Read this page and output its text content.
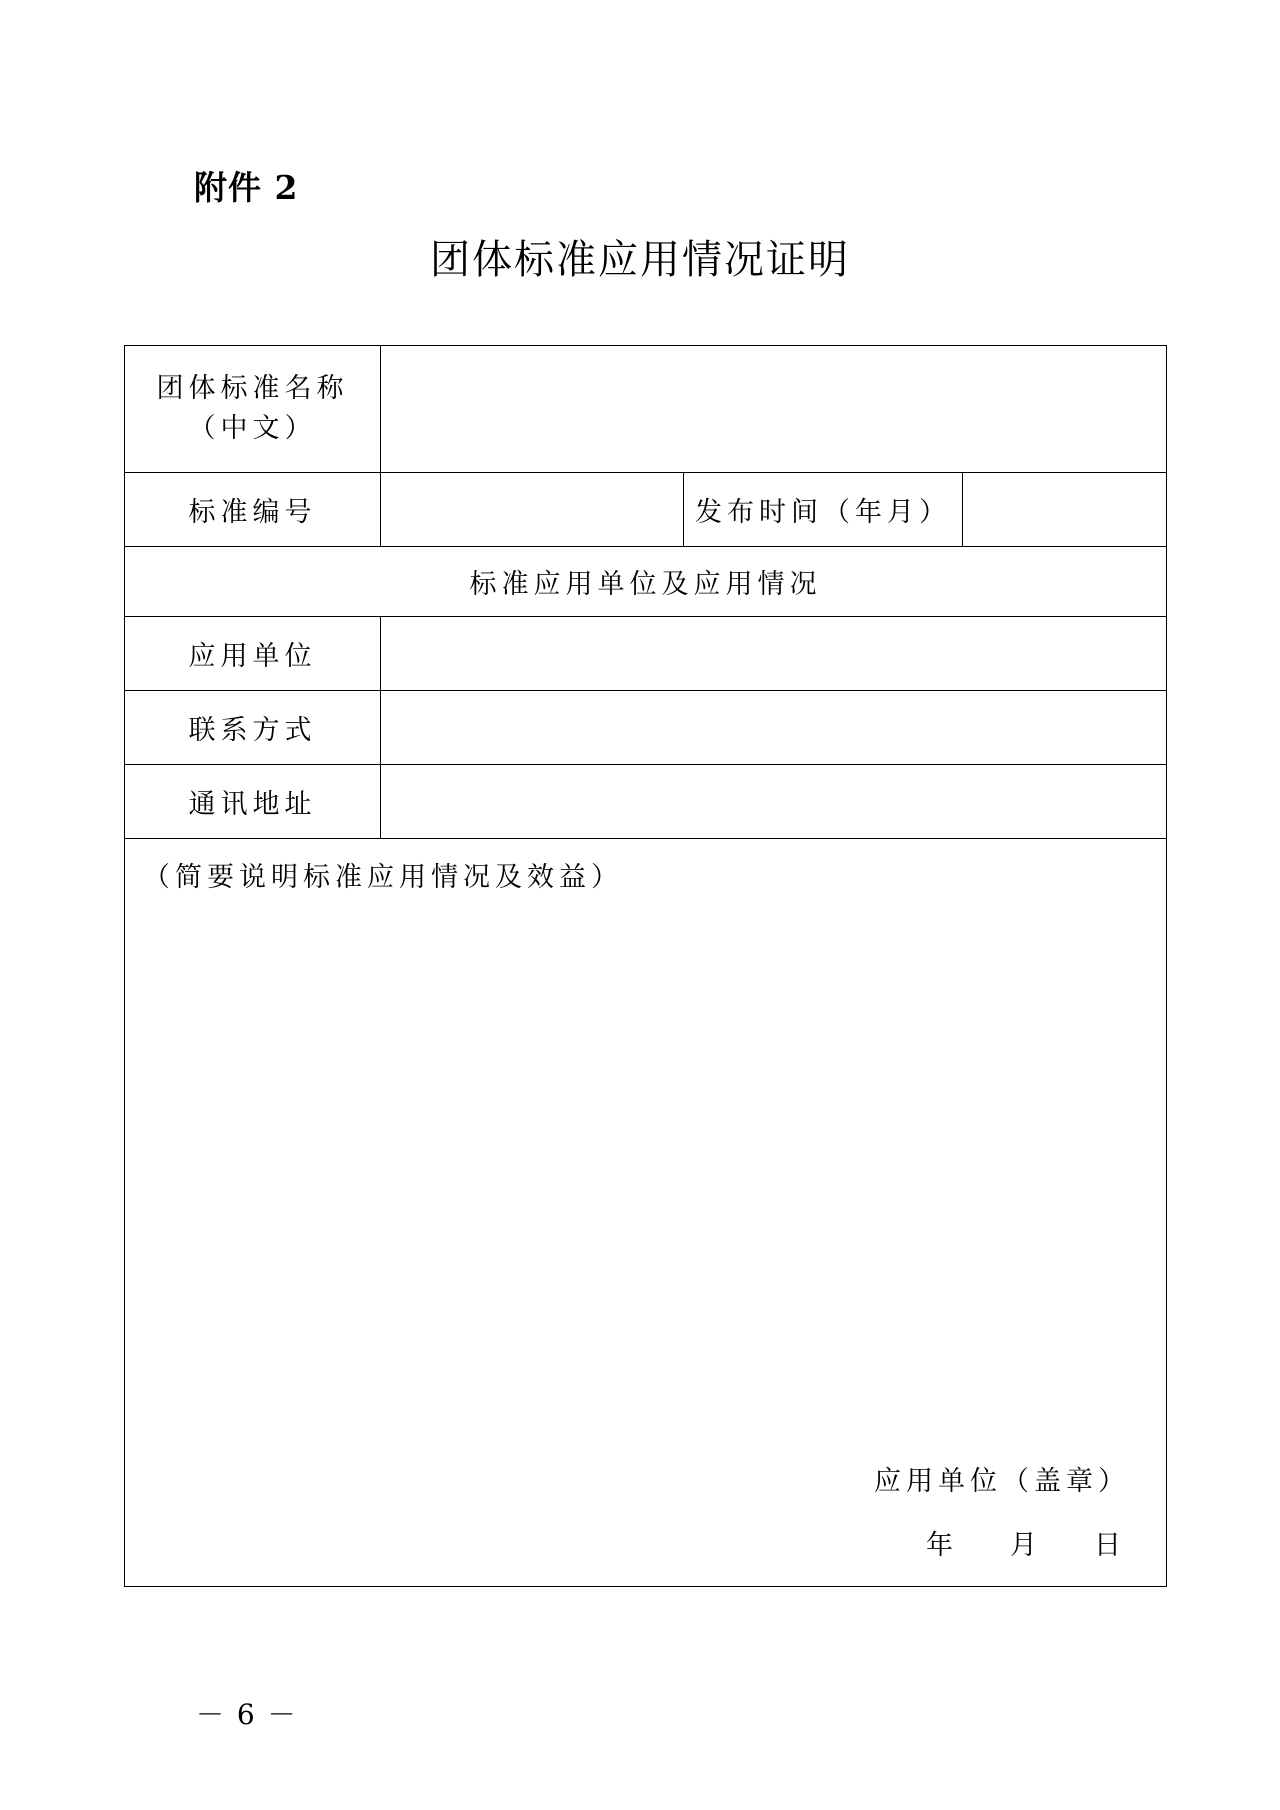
附件 2
团体标准应用情况证明
团体标准名称
（中文）			

标准编号		发布时间（年月）	
标准应用单位及应用情况			
应用单位			
联系方式			
通讯地址			

（简要说明标准应用情况及效益）
应用单位（盖章）
年 月 日			
－ 6 －
